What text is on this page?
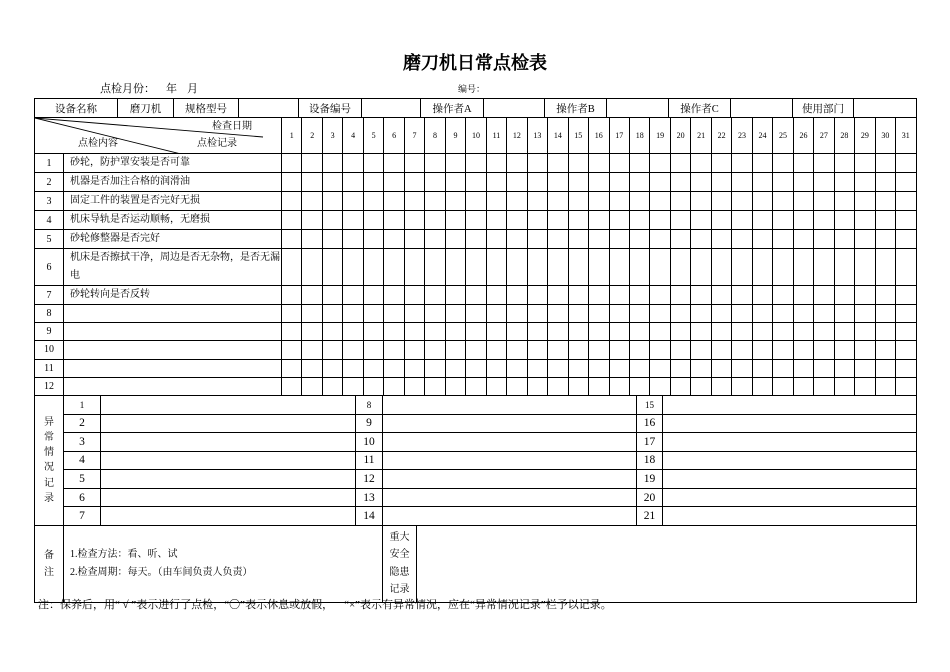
磨刀机日常点检表
点检月份： 年 月	编号：
设备名称	磨刀机	规格型号		设备编号		操作者A		操作者B		操作者C		使用部门	
检查日期
点检记录
点检内容		1	2	3	4	5	6	7	8	9	10	11	12	13	14	15	16	17	18	19	20	21	22	23	24	25	26	27	28	29	30	31
1	砂轮，防护罩安装是否可靠																															
2	机器是否加注合格的润滑油																															
3	固定工件的装置是否完好无损																															
4	机床导轨是否运动顺畅，无磨损																															
5	砂轮修整器是否完好																															
6	机床是否擦拭干净，周边是否无杂物，是否无漏电																															
7	砂轮转向是否反转																															
8																																
9																																
10																																
11																																
12																																
异常情况记录	1		8		15	
	2		9		16	
	3		10		17	
	4		11		18	
	5		12		19	
	6		13		20	
	7		14		21	
备注

1.检查方法：看、听、试
2.检查周期：每天。（由车间负责人负责）

重大安全隐患记录

注：保养后，用“ √ ”表示进行了点检，“〇”表示休息或放假，    “×”表示有异常情况，应在“异常情况记录”栏予以记录。
